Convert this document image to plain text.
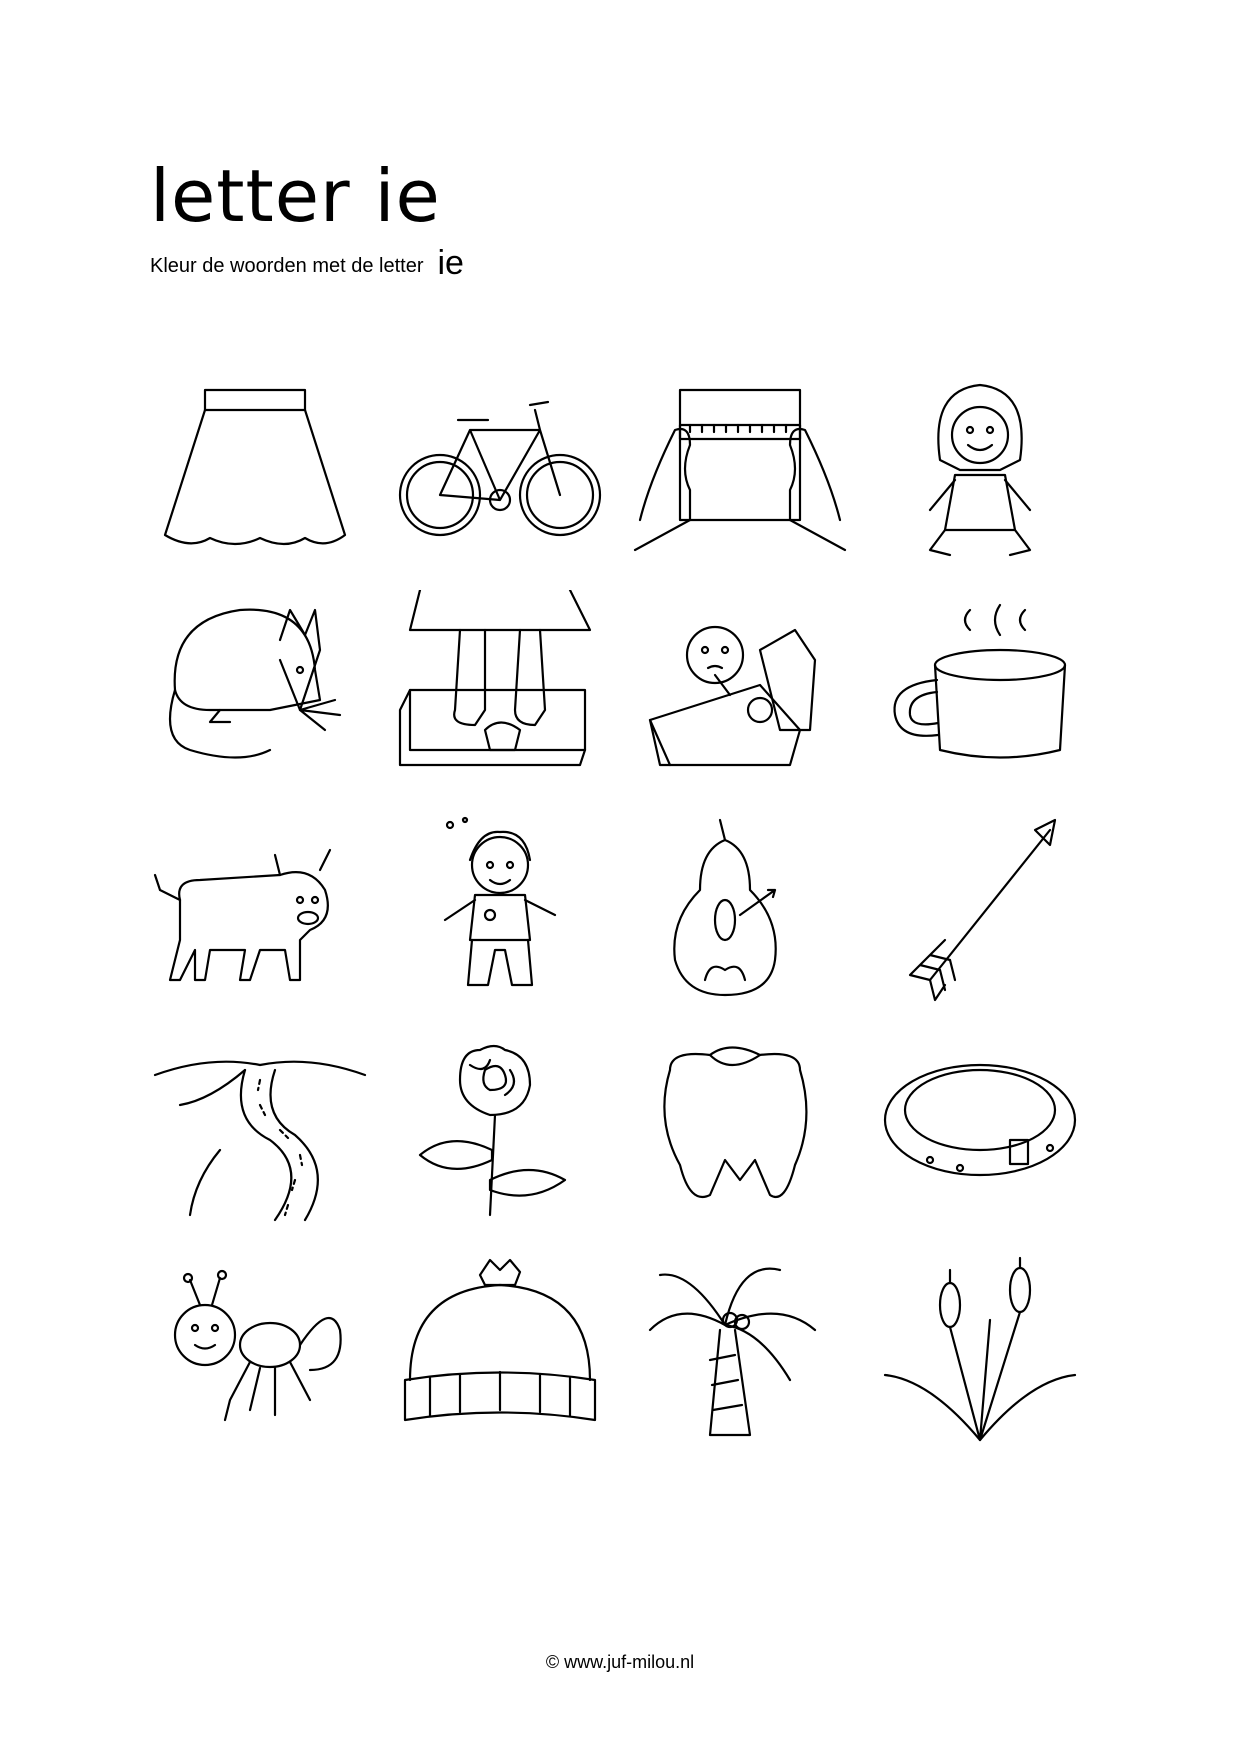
letter ie
Kleur de woorden met de letter ie
© www.juf-milou.nl
